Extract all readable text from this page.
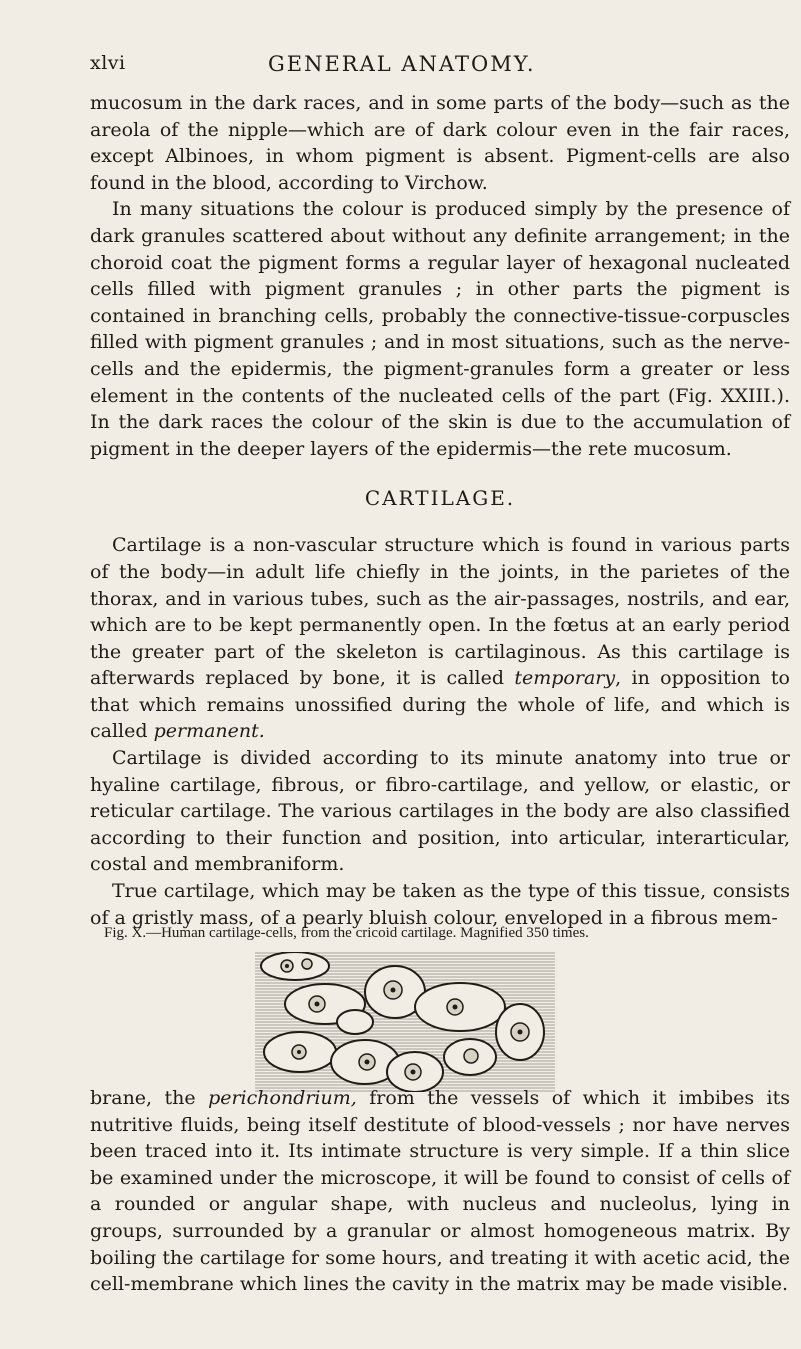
xlvi	GENERAL ANATOMY.

mucosum in the dark races, and in some parts of the body—such as the areola of the nipple—which are of dark colour even in the fair races, except Albinoes, in whom pigment is absent. Pigment-cells are also found in the blood, according to Virchow.

In many situations the colour is produced simply by the presence of dark granules scattered about without any definite arrangement; in the choroid coat the pigment forms a regular layer of hexagonal nucleated cells filled with pigment granules ; in other parts the pigment is contained in branching cells, probably the connective-tissue-corpuscles filled with pigment granules ; and in most situations, such as the nerve-cells and the epidermis, the pigment-granules form a greater or less element in the contents of the nucleated cells of the part (Fig. XXIII.). In the dark races the colour of the skin is due to the accumulation of pigment in the deeper layers of the epidermis—the rete mucosum.

CARTILAGE.

Cartilage is a non-vascular structure which is found in various parts of the body—in adult life chiefly in the joints, in the parietes of the thorax, and in various tubes, such as the air-passages, nostrils, and ear, which are to be kept permanently open. In the fœtus at an early period the greater part of the skeleton is cartilaginous. As this cartilage is afterwards replaced by bone, it is called temporary, in opposition to that which remains unossified during the whole of life, and which is called permanent.

Cartilage is divided according to its minute anatomy into true or hyaline cartilage, fibrous, or fibro-cartilage, and yellow, or elastic, or reticular cartilage. The various cartilages in the body are also classified according to their function and position, into articular, interarticular, costal and membraniform.

True cartilage, which may be taken as the type of this tissue, consists of a gristly mass, of a pearly bluish colour, enveloped in a fibrous mem-

Fig. X.—Human cartilage-cells, from the cricoid cartilage. Magnified 350 times.

brane, the perichondrium, from the vessels of which it imbibes its nutritive fluids, being itself destitute of blood-vessels ; nor have nerves been traced into it. Its intimate structure is very simple. If a thin slice be examined under the microscope, it will be found to consist of cells of a rounded or angular shape, with nucleus and nucleolus, lying in groups, surrounded by a granular or almost homogeneous matrix. By boiling the cartilage for some hours, and treating it with acetic acid, the cell-membrane which lines the cavity in the matrix may be made visible.
